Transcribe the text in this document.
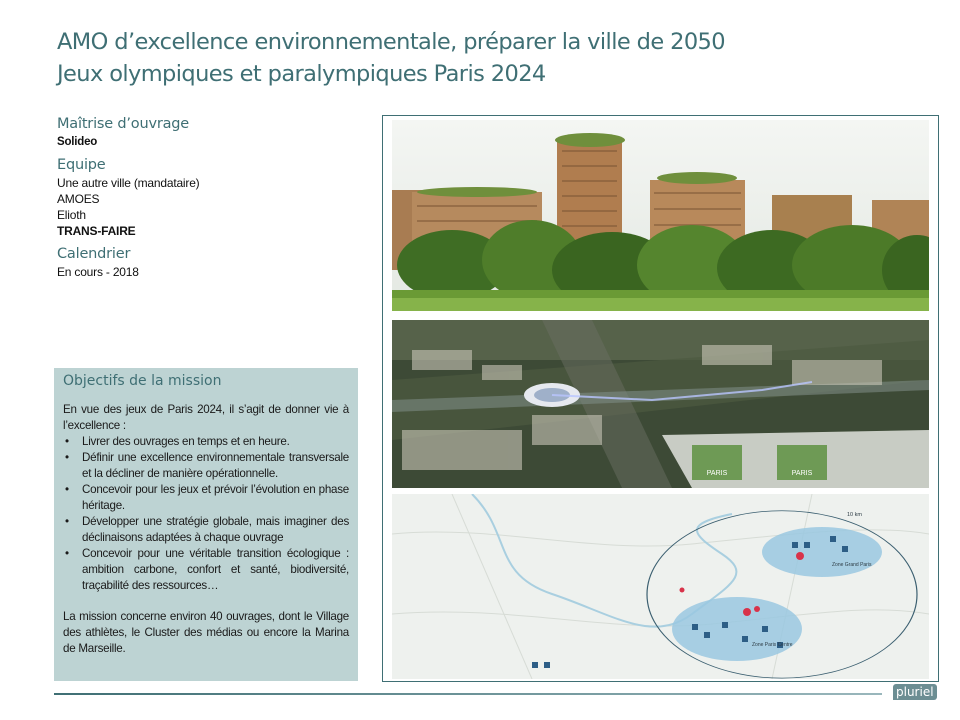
AMO d’excellence environnementale, préparer la ville de 2050
Jeux olympiques et paralympiques Paris 2024
Maîtrise d’ouvrage
Solideo
Equipe
Une autre ville (mandataire)
AMOES
Elioth
TRANS-FAIRE
Calendrier
En cours - 2018
Objectifs de la mission
En vue des jeux de Paris 2024, il s’agit de donner vie à l’excellence :
• Livrer des ouvrages en temps et en heure.
• Définir une excellence environnementale transversale et la décliner de manière opérationnelle.
• Concevoir pour les jeux et prévoir l’évolution en phase héritage.
• Développer une stratégie globale, mais imaginer des déclinaisons adaptées à chaque ouvrage
• Concevoir pour une véritable transition écologique : ambition carbone, confort et santé, biodiversité, traçabilité des ressources…
La mission concerne environ 40 ouvrages, dont le Village des athlètes, le Cluster des médias ou encore la Marina de Marseille.
PARIS	PARIS
10 km
Zone Grand Paris
Zone Paris Centre
pluriel
